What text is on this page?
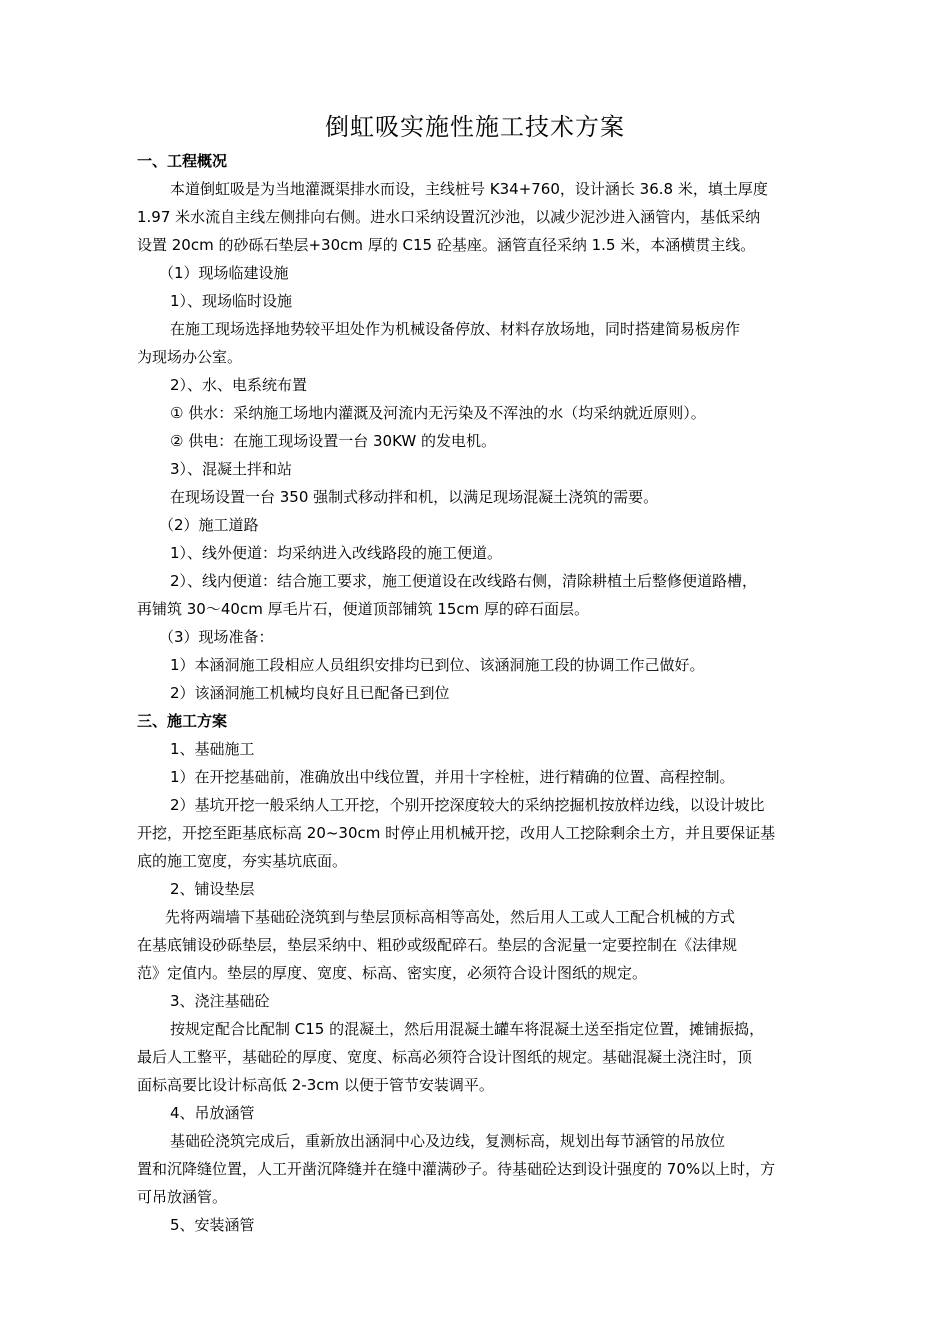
倒虹吸实施性施工技术方案
一、工程概况
本道倒虹吸是为当地灌溉渠排水而设，主线桩号 K34+760，设计涵长 36.8 米，填土厚度
1.97 米水流自主线左侧排向右侧。进水口采纳设置沉沙池，以减少泥沙进入涵管内，基低采纳
设置 20cm 的砂砾石垫层+30cm 厚的 C15 砼基座。涵管直径采纳 1.5 米，本涵横贯主线。
（1）现场临建设施
1）、现场临时设施
在施工现场选择地势较平坦处作为机械设备停放、材料存放场地，同时搭建简易板房作
为现场办公室。
2）、水、电系统布置
① 供水：采纳施工场地内灌溉及河流内无污染及不浑浊的水（均采纳就近原则）。
② 供电：在施工现场设置一台 30KW 的发电机。
3）、混凝土拌和站
在现场设置一台 350 强制式移动拌和机，以满足现场混凝土浇筑的需要。
（2）施工道路
1）、线外便道：均采纳进入改线路段的施工便道。
2）、线内便道：结合施工要求，施工便道设在改线路右侧，清除耕植土后整修便道路槽，
再铺筑 30～40cm 厚毛片石，便道顶部铺筑 15cm 厚的碎石面层。
（3）现场准备：
1）本涵洞施工段相应人员组织安排均已到位、该涵洞施工段的协调工作己做好。
2）该涵洞施工机械均良好且已配备已到位
三、施工方案
1、基础施工
1）在开挖基础前，准确放出中线位置，并用十字栓桩，进行精确的位置、高程控制。
2）基坑开挖一般采纳人工开挖，个别开挖深度较大的采纳挖掘机按放样边线，以设计坡比
开挖，开挖至距基底标高 20~30cm 时停止用机械开挖，改用人工挖除剩余土方，并且要保证基
底的施工宽度，夯实基坑底面。
2、铺设垫层
先将两端墙下基础砼浇筑到与垫层顶标高相等高处，然后用人工或人工配合机械的方式
在基底铺设砂砾垫层，垫层采纳中、粗砂或级配碎石。垫层的含泥量一定要控制在《法律规
范》定值内。垫层的厚度、宽度、标高、密实度，必须符合设计图纸的规定。
3、浇注基础砼
按规定配合比配制 C15 的混凝土，然后用混凝土罐车将混凝土送至指定位置，摊铺振捣，
最后人工整平，基础砼的厚度、宽度、标高必须符合设计图纸的规定。基础混凝土浇注时，顶
面标高要比设计标高低 2-3cm 以便于管节安装调平。
4、吊放涵管
基础砼浇筑完成后，重新放出涵洞中心及边线，复测标高，规划出每节涵管的吊放位
置和沉降缝位置，人工开凿沉降缝并在缝中灌满砂子。待基础砼达到设计强度的 70%以上时，方
可吊放涵管。
5、安装涵管
